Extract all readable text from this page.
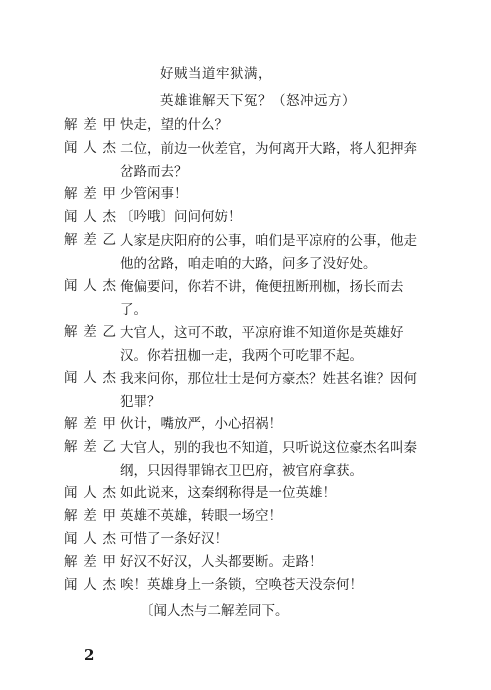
好贼当道牢狱满，
英雄谁解天下冤？（怒冲远方）
解差甲 快走，望的什么？
闻人杰 二位，前边一伙差官，为何离开大路，将人犯押奔岔路而去？
解差甲 少管闲事！
闻人杰 〔吟哦〕问问何妨！
解差乙 人家是庆阳府的公事，咱们是平凉府的公事，他走他的岔路，咱走咱的大路，问多了没好处。
闻人杰 俺偏要问，你若不讲，俺便扭断刑枷，扬长而去了。
解差乙 大官人，这可不敢，平凉府谁不知道你是英雄好汉。你若扭枷一走，我两个可吃罪不起。
闻人杰 我来问你，那位壮士是何方豪杰？姓甚名谁？因何犯罪？
解差甲 伙计，嘴放严，小心招祸！
解差乙 大官人，别的我也不知道，只听说这位豪杰名叫秦纲，只因得罪锦衣卫巴府，被官府拿获。
闻人杰 如此说来，这秦纲称得是一位英雄！
解差甲 英雄不英雄，转眼一场空！
闻人杰 可惜了一条好汉！
解差甲 好汉不好汉，人头都要断。走路！
闻人杰 唉！英雄身上一条锁，空唤苍天没奈何！
〔闻人杰与二解差同下。
2
